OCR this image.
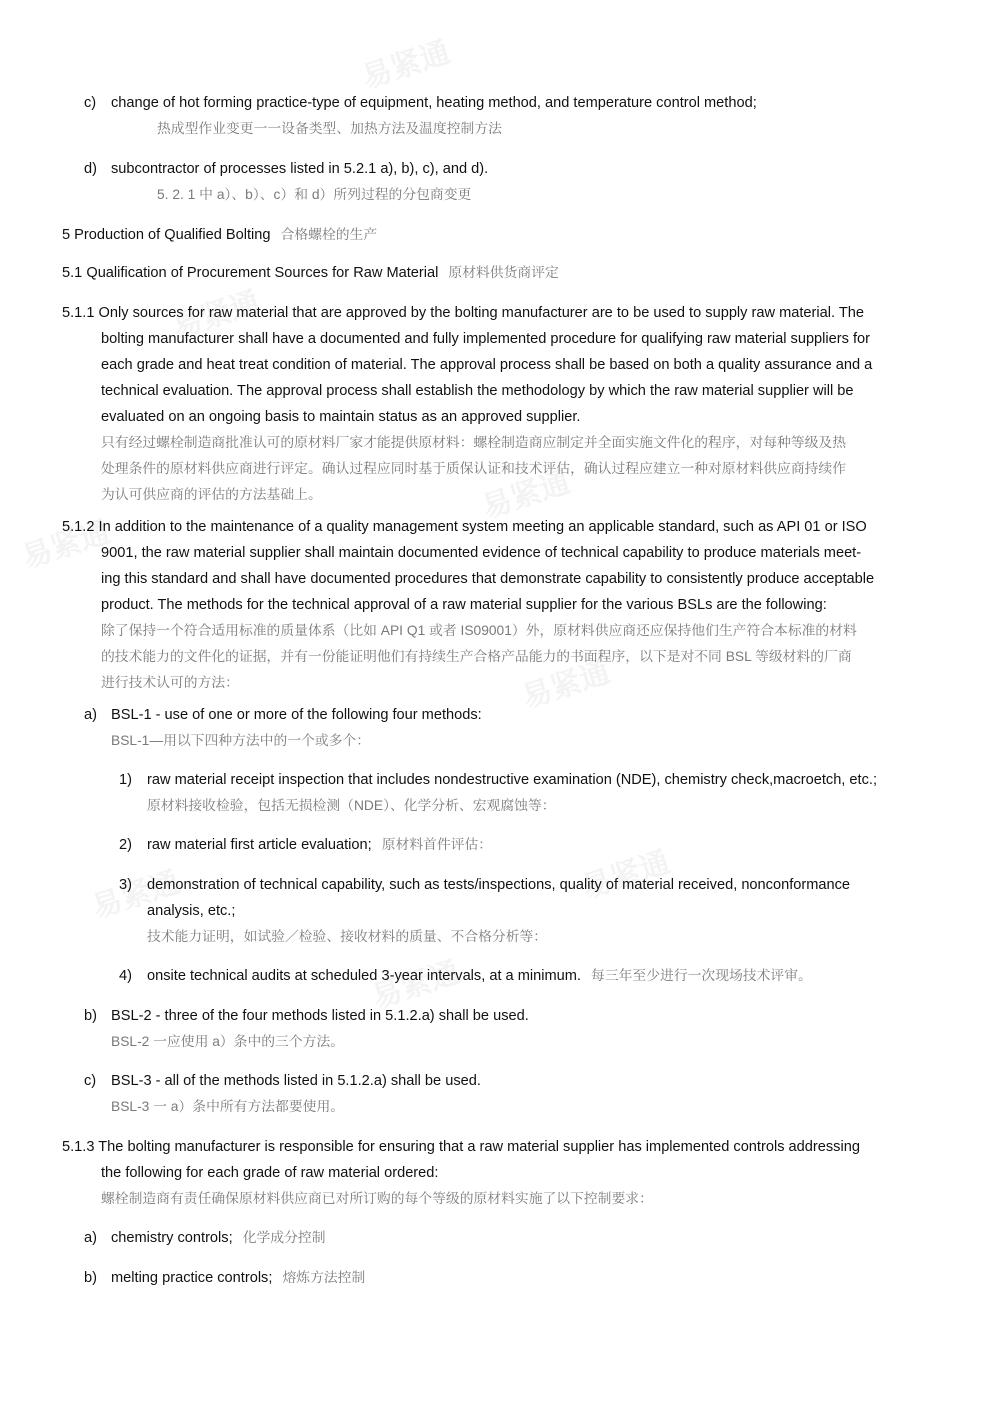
c) change of hot forming practice-type of equipment, heating method, and temperature control method;
热成型作业变更一一设备类型、加热方法及温度控制方法
d) subcontractor of processes listed in 5.2.1 a), b), c), and d).
5. 2. 1 中 a）、b）、c）和 d）所列过程的分包商变更
5 Production of Qualified Bolting 合格螺栓的生产
5.1 Qualification of Procurement Sources for Raw Material 原材料供货商评定
5.1.1 Only sources for raw material that are approved by the bolting manufacturer are to be used to supply raw material. The
bolting manufacturer shall have a documented and fully implemented procedure for qualifying raw material suppliers for
each grade and heat treat condition of material. The approval process shall be based on both a quality assurance and a
technical evaluation. The approval process shall establish the methodology by which the raw material supplier will be
evaluated on an ongoing basis to maintain status as an approved supplier.
只有经过螺栓制造商批准认可的原材料厂家才能提供原材料：螺栓制造商应制定并全面实施文件化的程序，对每种等级及热
处理条件的原材料供应商进行评定。确认过程应同时基于质保认证和技术评估，确认过程应建立一种对原材料供应商持续作
为认可供应商的评估的方法基础上。
5.1.2 In addition to the maintenance of a quality management system meeting an applicable standard, such as API 01 or ISO
9001, the raw material supplier shall maintain documented evidence of technical capability to produce materials meet-
ing this standard and shall have documented procedures that demonstrate capability to consistently produce acceptable
product. The methods for the technical approval of a raw material supplier for the various BSLs are the following:
除了保持一个符合适用标准的质量体系（比如 API Q1 或者 IS09001）外，原材料供应商还应保持他们生产符合本标准的材料
的技术能力的文件化的证据，并有一份能证明他们有持续生产合格产品能力的书面程序，以下是对不同 BSL 等级材料的厂商
进行技术认可的方法：
a) BSL-1 - use of one or more of the following four methods:
BSL-1—用以下四种方法中的一个或多个：
1) raw material receipt inspection that includes nondestructive examination (NDE), chemistry check,macroetch, etc.;
原材料接收检验，包括无损检测（NDE）、化学分析、宏观腐蚀等：
2) raw material first article evaluation; 原材料首件评估：
3) demonstration of technical capability, such as tests/inspections, quality of material received, nonconformance
analysis, etc.;
技术能力证明，如试验／检验、接收材料的质量、不合格分析等：
4) onsite technical audits at scheduled 3-year intervals, at a minimum. 每三年至少进行一次现场技术评审。
b) BSL-2 - three of the four methods listed in 5.1.2.a) shall be used.
BSL-2 一应使用 a）条中的三个方法。
c) BSL-3 - all of the methods listed in 5.1.2.a) shall be used.
BSL-3 一 a）条中所有方法都要使用。
5.1.3 The bolting manufacturer is responsible for ensuring that a raw material supplier has implemented controls addressing
the following for each grade of raw material ordered:
螺栓制造商有责任确保原材料供应商已对所订购的每个等级的原材料实施了以下控制要求：
a) chemistry controls; 化学成分控制
b) melting practice controls; 熔炼方法控制
